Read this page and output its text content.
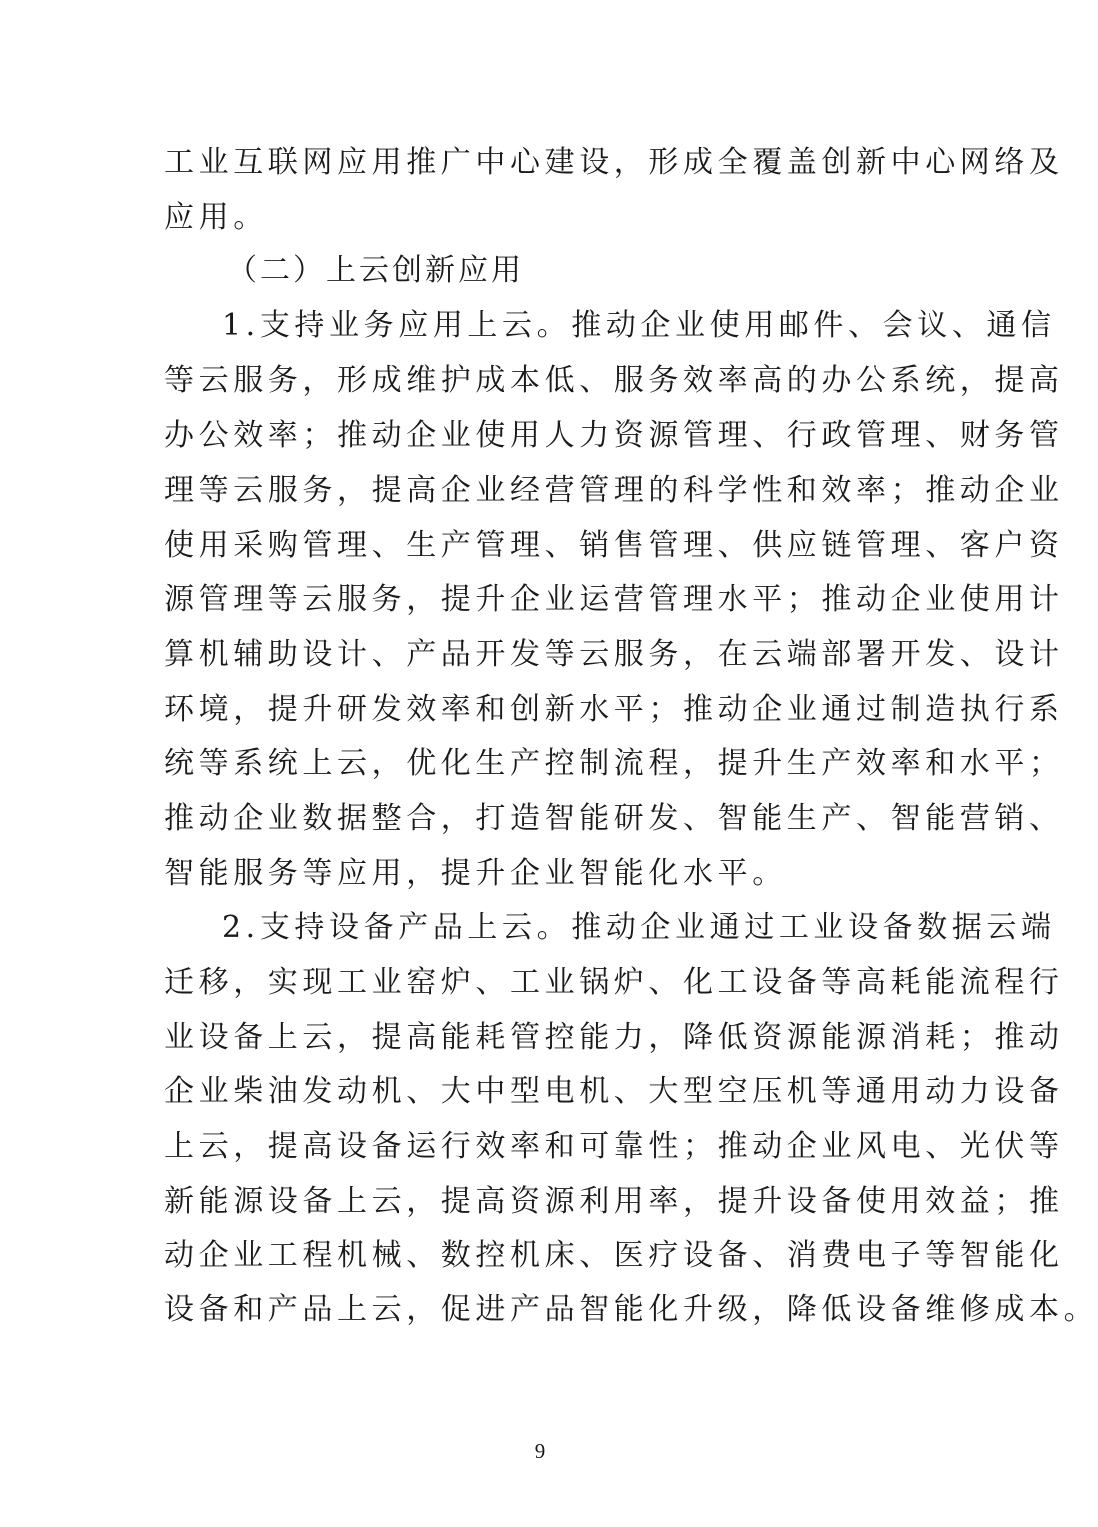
工业互联网应用推广中心建设，形成全覆盖创新中心网络及
应用。
（二）上云创新应用
1.支持业务应用上云。推动企业使用邮件、会议、通信
等云服务，形成维护成本低、服务效率高的办公系统，提高
办公效率；推动企业使用人力资源管理、行政管理、财务管
理等云服务，提高企业经营管理的科学性和效率；推动企业
使用采购管理、生产管理、销售管理、供应链管理、客户资
源管理等云服务，提升企业运营管理水平；推动企业使用计
算机辅助设计、产品开发等云服务，在云端部署开发、设计
环境，提升研发效率和创新水平；推动企业通过制造执行系
统等系统上云，优化生产控制流程，提升生产效率和水平；
推动企业数据整合，打造智能研发、智能生产、智能营销、
智能服务等应用，提升企业智能化水平。
2.支持设备产品上云。推动企业通过工业设备数据云端
迁移，实现工业窑炉、工业锅炉、化工设备等高耗能流程行
业设备上云，提高能耗管控能力，降低资源能源消耗；推动
企业柴油发动机、大中型电机、大型空压机等通用动力设备
上云，提高设备运行效率和可靠性；推动企业风电、光伏等
新能源设备上云，提高资源利用率，提升设备使用效益；推
动企业工程机械、数控机床、医疗设备、消费电子等智能化
设备和产品上云，促进产品智能化升级，降低设备维修成本。
9
